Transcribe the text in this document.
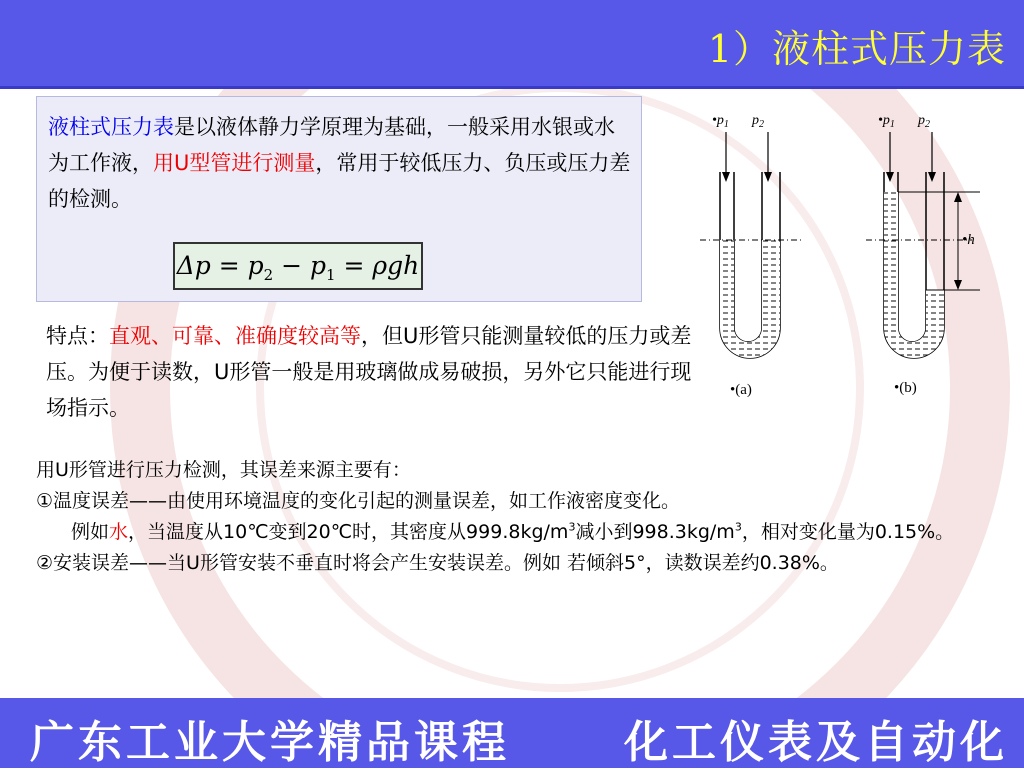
1）液柱式压力表
液柱式压力表是以液体静力学原理为基础，一般采用水银或水为工作液，用U型管进行测量，常用于较低压力、负压或压力差的检测。
$\Delta p = p_2 - p_1 = \rho gh$
特点：直观、可靠、准确度较高等，但U形管只能测量较低的压力或差压。为便于读数，U形管一般是用玻璃做成易破损，另外它只能进行现场指示。
$•p_1$ $p_2$
•(a)
$•p_1$ $p_2$
•h
•(b)

用U形管进行压力检测，其误差来源主要有：

①温度误差——由使用环境温度的变化引起的测量误差，如工作液密度变化。

例如水，当温度从10℃变到20℃时，其密度从$999.8kg/m^3$减小到$998.3kg/m^3$，相对变化量为0.15%。

②安装误差——当U形管安装不垂直时将会产生安装误差。例如 若倾斜5°，读数误差约0.38%。

广东工业大学精品课程	化工仪表及自动化
